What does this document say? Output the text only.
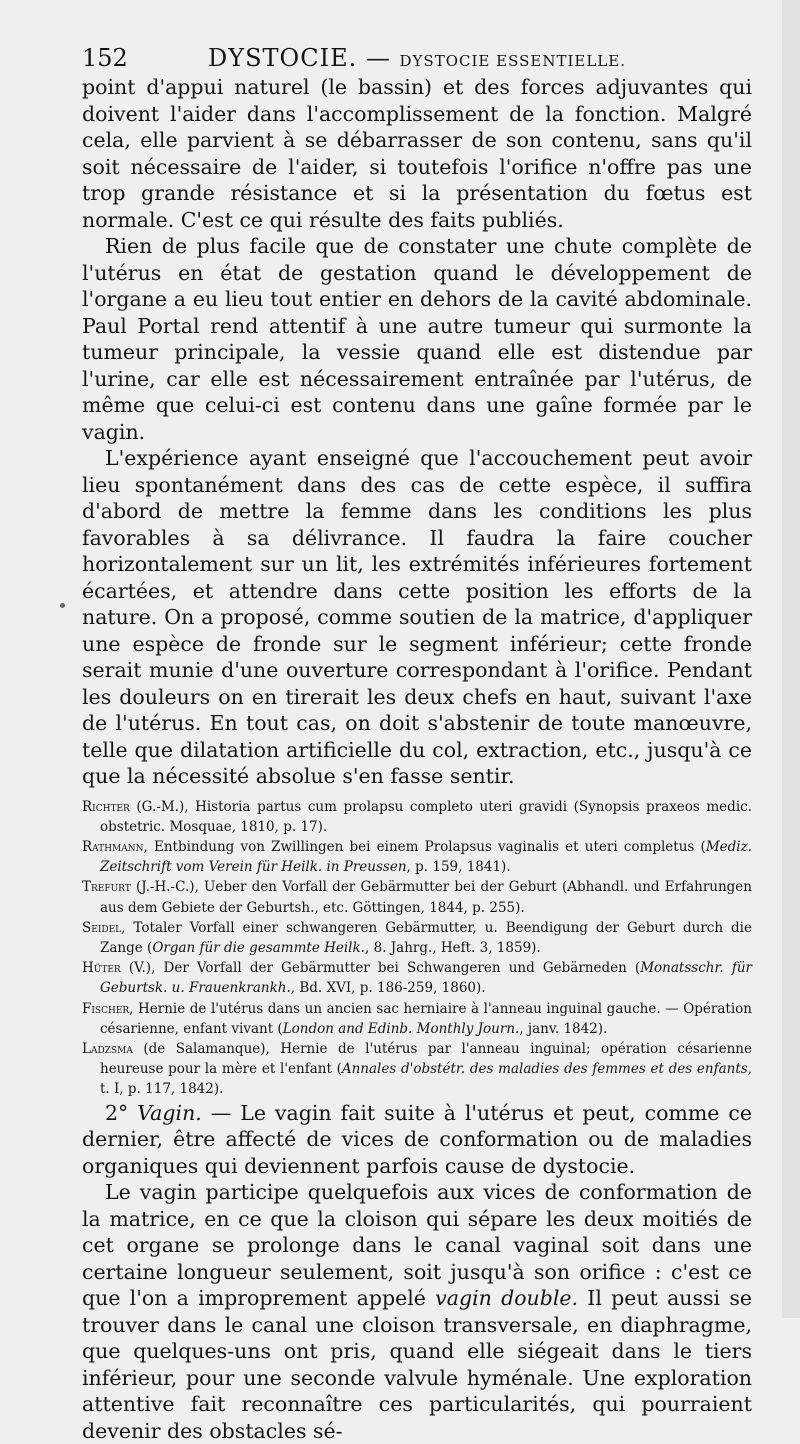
152	DYSTOCIE. — DYSTOCIE ESSENTIELLE.

point d'appui naturel (le bassin) et des forces adjuvantes qui doivent l'aider dans l'accomplissement de la fonction. Malgré cela, elle parvient à se débarrasser de son contenu, sans qu'il soit nécessaire de l'aider, si toutefois l'orifice n'offre pas une trop grande résistance et si la présentation du fœtus est normale. C'est ce qui résulte des faits publiés.

Rien de plus facile que de constater une chute complète de l'utérus en état de gestation quand le développement de l'organe a eu lieu tout entier en dehors de la cavité abdominale. Paul Portal rend attentif à une autre tumeur qui surmonte la tumeur principale, la vessie quand elle est distendue par l'urine, car elle est nécessairement entraînée par l'utérus, de même que celui-ci est contenu dans une gaîne formée par le vagin.

L'expérience ayant enseigné que l'accouchement peut avoir lieu spontanément dans des cas de cette espèce, il suffira d'abord de mettre la femme dans les conditions les plus favorables à sa délivrance. Il faudra la faire coucher horizontalement sur un lit, les extrémités inférieures fortement écartées, et attendre dans cette position les efforts de la nature. On a proposé, comme soutien de la matrice, d'appliquer une espèce de fronde sur le segment inférieur; cette fronde serait munie d'une ouverture correspondant à l'orifice. Pendant les douleurs on en tirerait les deux chefs en haut, suivant l'axe de l'utérus. En tout cas, on doit s'abstenir de toute manœuvre, telle que dilatation artificielle du col, extraction, etc., jusqu'à ce que la nécessité absolue s'en fasse sentir.

Richter (G.-M.), Historia partus cum prolapsu completo uteri gravidi (Synopsis praxeos medic. obstetric. Mosquae, 1810, p. 17).

Rathmann, Entbindung von Zwillingen bei einem Prolapsus vaginalis et uteri completus (Mediz. Zeitschrift vom Verein für Heilk. in Preussen, p. 159, 1841).

Trefurt (J.-H.-C.), Ueber den Vorfall der Gebärmutter bei der Geburt (Abhandl. und Erfahrungen aus dem Gebiete der Geburtsh., etc. Göttingen, 1844, p. 255).

Seidel, Totaler Vorfall einer schwangeren Gebärmutter, u. Beendigung der Geburt durch die Zange (Organ für die gesammte Heilk., 8. Jahrg., Heft. 3, 1859).

Hüter (V.), Der Vorfall der Gebärmutter bei Schwangeren und Gebärneden (Monatsschr. für Geburtsk. u. Frauenkrankh., Bd. XVI, p. 186-259, 1860).

Fischer, Hernie de l'utérus dans un ancien sac herniaire à l'anneau inguinal gauche. — Opération césarienne, enfant vivant (London and Edinb. Monthly Journ., janv. 1842).

Ladzsma (de Salamanque), Hernie de l'utérus par l'anneau inguinal; opération césarienne heureuse pour la mère et l'enfant (Annales d'obstétr. des maladies des femmes et des enfants, t. I, p. 117, 1842).

2° Vagin. — Le vagin fait suite à l'utérus et peut, comme ce dernier, être affecté de vices de conformation ou de maladies organiques qui deviennent parfois cause de dystocie.

Le vagin participe quelquefois aux vices de conformation de la matrice, en ce que la cloison qui sépare les deux moitiés de cet organe se prolonge dans le canal vaginal soit dans une certaine longueur seulement, soit jusqu'à son orifice : c'est ce que l'on a improprement appelé vagin double. Il peut aussi se trouver dans le canal une cloison transversale, en diaphragme, que quelques-uns ont pris, quand elle siégeait dans le tiers inférieur, pour une seconde valvule hyménale. Une exploration attentive fait reconnaître ces particularités, qui pourraient devenir des obstacles sé-
